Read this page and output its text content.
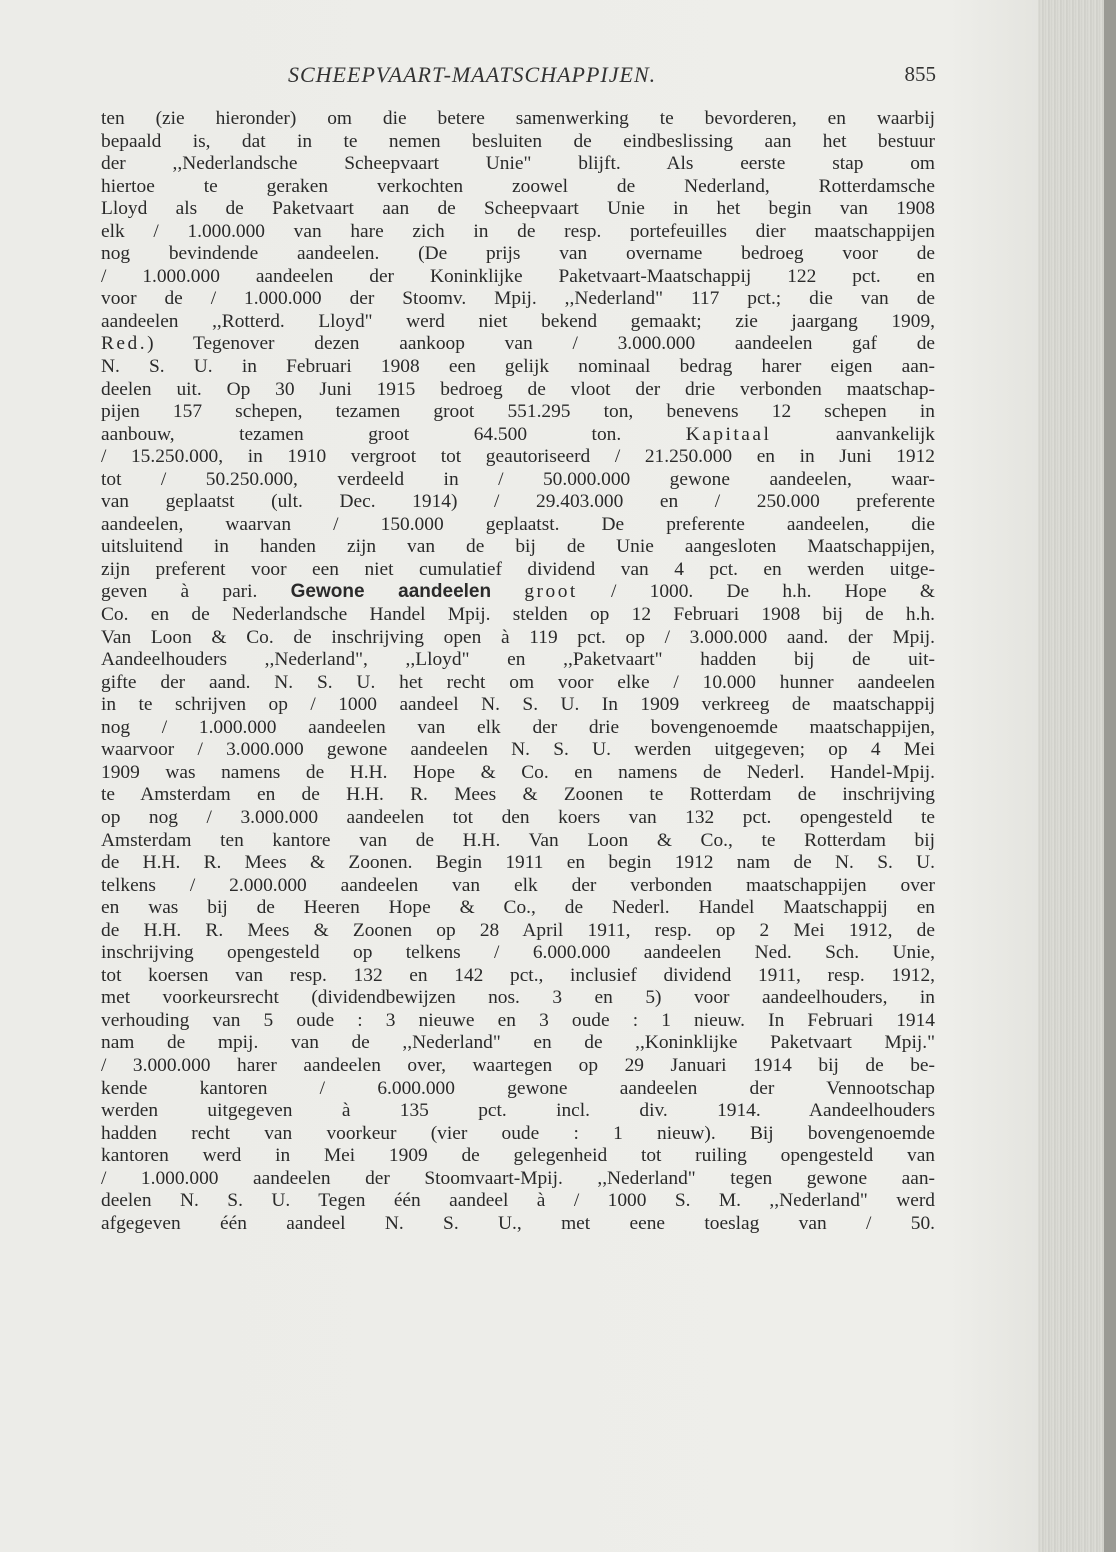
SCHEEPVAART-MAATSCHAPPIJEN.	855
ten (zie hieronder) om die betere samenwerking te bevorderen, en waarbij
bepaald is, dat in te nemen besluiten de eindbeslissing aan het bestuur
der ,,Nederlandsche Scheepvaart Unie" blijft. Als eerste stap om
hiertoe te geraken verkochten zoowel de Nederland, Rotterdamsche
Lloyd als de Paketvaart aan de Scheepvaart Unie in het begin van 1908
elk / 1.000.000 van hare zich in de resp. portefeuilles dier maatschappijen
nog bevindende aandeelen. (De prijs van overname bedroeg voor de
/ 1.000.000 aandeelen der Koninklijke Paketvaart-Maatschappij 122 pct. en
voor de / 1.000.000 der Stoomv. Mpij. ,,Nederland" 117 pct.; die van de
aandeelen ,,Rotterd. Lloyd" werd niet bekend gemaakt; zie jaargang 1909,
Red.) Tegenover dezen aankoop van / 3.000.000 aandeelen gaf de
N. S. U. in Februari 1908 een gelijk nominaal bedrag harer eigen aan-
deelen uit. Op 30 Juni 1915 bedroeg de vloot der drie verbonden maatschap-
pijen 157 schepen, tezamen groot 551.295 ton, benevens 12 schepen in
aanbouw, tezamen groot 64.500 ton. Kapitaal aanvankelijk
/ 15.250.000, in 1910 vergroot tot geautoriseerd / 21.250.000 en in Juni 1912
tot / 50.250.000, verdeeld in / 50.000.000 gewone aandeelen, waar-
van geplaatst (ult. Dec. 1914) / 29.403.000 en / 250.000 preferente
aandeelen, waarvan / 150.000 geplaatst. De preferente aandeelen, die
uitsluitend in handen zijn van de bij de Unie aangesloten Maatschappijen,
zijn preferent voor een niet cumulatief dividend van 4 pct. en werden uitge-
geven à pari. Gewone aandeelen groot / 1000. De h.h. Hope &
Co. en de Nederlandsche Handel Mpij. stelden op 12 Februari 1908 bij de h.h.
Van Loon & Co. de inschrijving open à 119 pct. op / 3.000.000 aand. der Mpij.
Aandeelhouders ,,Nederland", ,,Lloyd" en ,,Paketvaart" hadden bij de uit-
gifte der aand. N. S. U. het recht om voor elke / 10.000 hunner aandeelen
in te schrijven op / 1000 aandeel N. S. U. In 1909 verkreeg de maatschappij
nog / 1.000.000 aandeelen van elk der drie bovengenoemde maatschappijen,
waarvoor / 3.000.000 gewone aandeelen N. S. U. werden uitgegeven; op 4 Mei
1909 was namens de H.H. Hope & Co. en namens de Nederl. Handel-Mpij.
te Amsterdam en de H.H. R. Mees & Zoonen te Rotterdam de inschrijving
op nog / 3.000.000 aandeelen tot den koers van 132 pct. opengesteld te
Amsterdam ten kantore van de H.H. Van Loon & Co., te Rotterdam bij
de H.H. R. Mees & Zoonen. Begin 1911 en begin 1912 nam de N. S. U.
telkens / 2.000.000 aandeelen van elk der verbonden maatschappijen over
en was bij de Heeren Hope & Co., de Nederl. Handel Maatschappij en
de H.H. R. Mees & Zoonen op 28 April 1911, resp. op 2 Mei 1912, de
inschrijving opengesteld op telkens / 6.000.000 aandeelen Ned. Sch. Unie,
tot koersen van resp. 132 en 142 pct., inclusief dividend 1911, resp. 1912,
met voorkeursrecht (dividendbewijzen nos. 3 en 5) voor aandeelhouders, in
verhouding van 5 oude : 3 nieuwe en 3 oude : 1 nieuw. In Februari 1914
nam de mpij. van de ,,Nederland" en de ,,Koninklijke Paketvaart Mpij."
/ 3.000.000 harer aandeelen over, waartegen op 29 Januari 1914 bij de be-
kende kantoren / 6.000.000 gewone aandeelen der Vennootschap
werden uitgegeven à 135 pct. incl. div. 1914. Aandeelhouders
hadden recht van voorkeur (vier oude : 1 nieuw). Bij bovengenoemde
kantoren werd in Mei 1909 de gelegenheid tot ruiling opengesteld van
/ 1.000.000 aandeelen der Stoomvaart-Mpij. ,,Nederland" tegen gewone aan-
deelen N. S. U. Tegen één aandeel à / 1000 S. M. ,,Nederland" werd
afgegeven één aandeel N. S. U., met eene toeslag van / 50.
